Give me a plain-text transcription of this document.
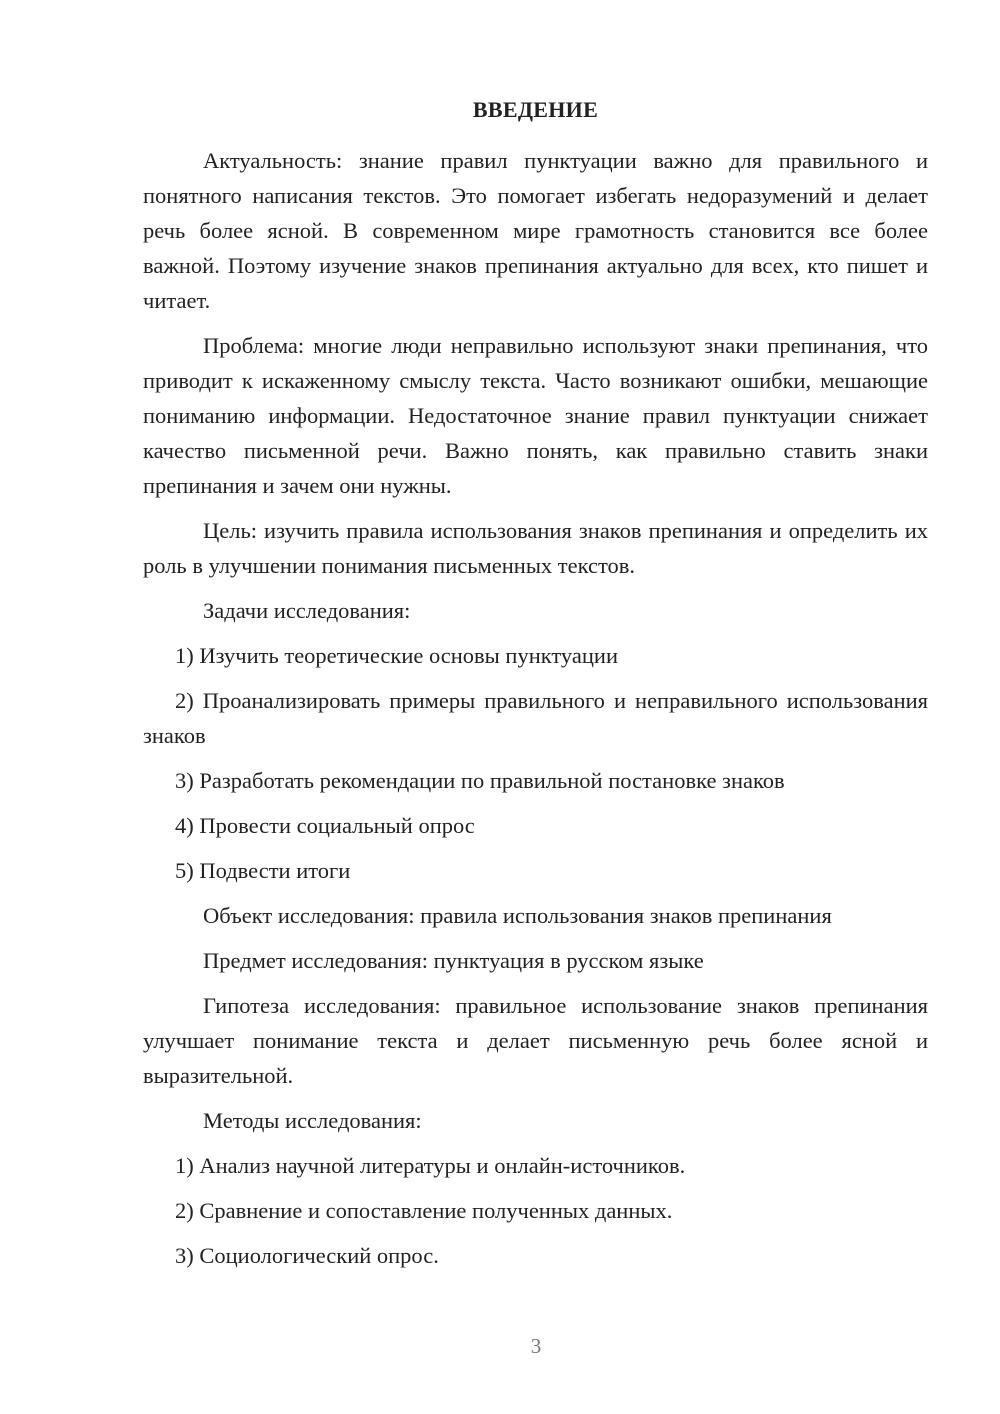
ВВЕДЕНИЕ

Актуальность: знание правил пунктуации важно для правильного и понятного написания текстов. Это помогает избегать недоразумений и делает речь более ясной. В современном мире грамотность становится все более важной. Поэтому изучение знаков препинания актуально для всех, кто пишет и читает.

Проблема: многие люди неправильно используют знаки препинания, что приводит к искаженному смыслу текста. Часто возникают ошибки, мешающие пониманию информации. Недостаточное знание правил пунктуации снижает качество письменной речи. Важно понять, как правильно ставить знаки препинания и зачем они нужны.

Цель: изучить правила использования знаков препинания и определить их роль в улучшении понимания письменных текстов.

Задачи исследования:

1) Изучить теоретические основы пунктуации

2) Проанализировать примеры правильного и неправильного использования знаков

3) Разработать рекомендации по правильной постановке знаков

4) Провести социальный опрос

5) Подвести итоги

Объект исследования: правила использования знаков препинания

Предмет исследования: пунктуация в русском языке

Гипотеза исследования: правильное использование знаков препинания улучшает понимание текста и делает письменную речь более ясной и выразительной.

Методы исследования:

1) Анализ научной литературы и онлайн-источников.

2) Сравнение и сопоставление полученных данных.

3) Социологический опрос.

3
